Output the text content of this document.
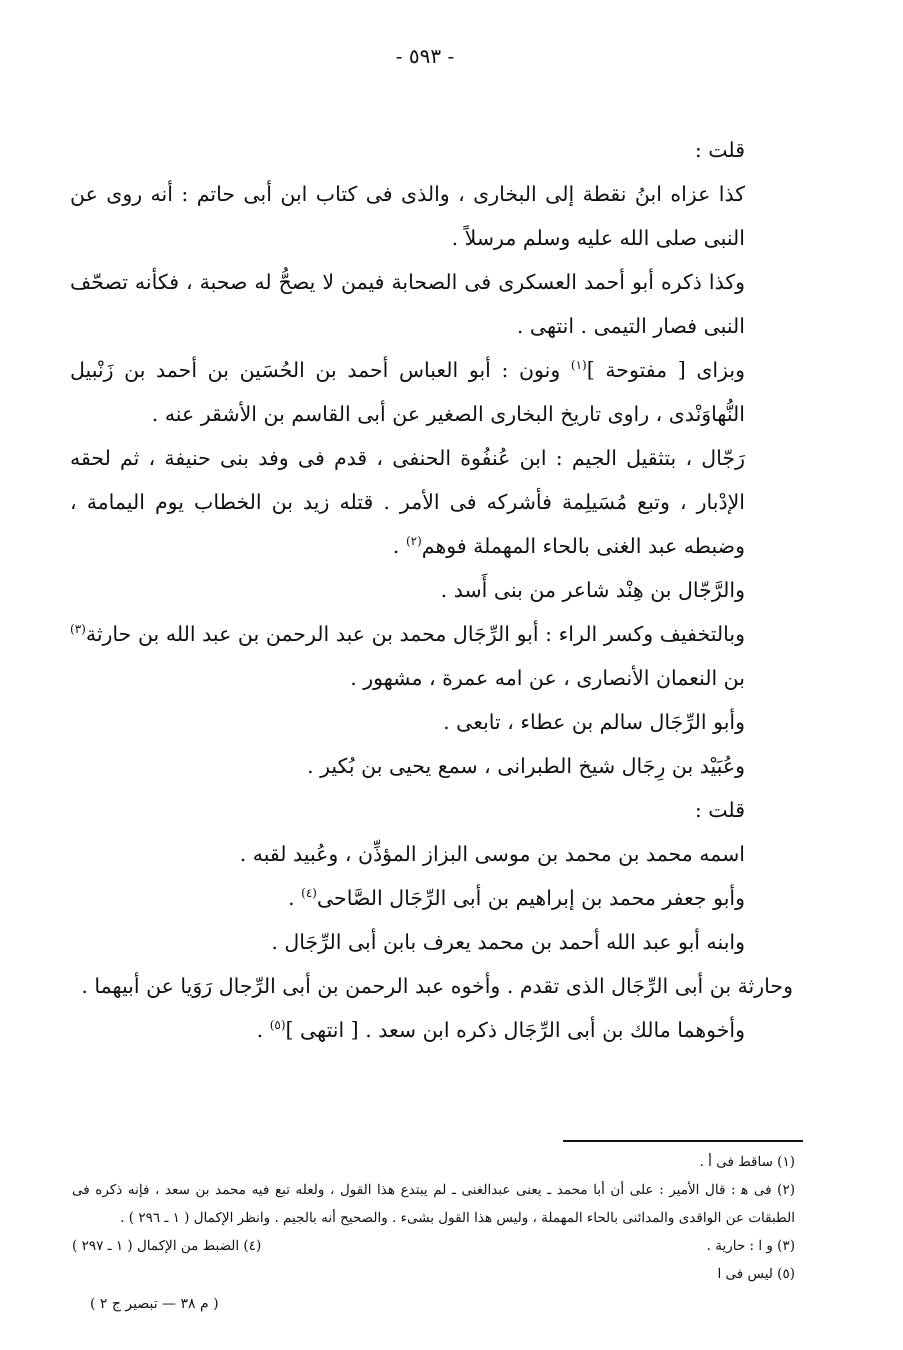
- ٥٩٣ -

قلت :

كذا عزاه ابنُ نقطة إلى البخارى ، والذى فى كتاب ابن أبى حاتم : أنه روى عن النبى صلى الله عليه وسلم مرسلاً .

وكذا ذكره أبو أحمد العسكرى فى الصحابة فيمن لا يصحُّ له صحبة ، فكأنه تصحّف النبى فصار التيمى . انتهى .

وبزاى [ مفتوحة ]$^{(١)}$ ونون : أبو العباس أحمد بن الحُسَين بن أحمد بن زَنْبيل النُّهاوَنْدى ، راوى تاريخ البخارى الصغير عن أبى القاسم بن الأشقر عنه .

رَجّال ، بتثقيل الجيم : ابن عُنفُوة الحنفى ، قدم فى وفد بنى حنيفة ، ثم لحقه الإدْبار ، وتبع مُسَيلِمة فأشركه فى الأمر . قتله زيد بن الخطاب يوم اليمامة ، وضبطه عبد الغنى بالحاء المهملة فوهم$^{(٢)}$ .

والرَّجّال بن هِنْد شاعر من بنى أَسد .

وبالتخفيف وكسر الراء : أبو الرِّجَال محمد بن عبد الرحمن بن عبد الله بن حارثة$^{(٣)}$ بن النعمان الأنصارى ، عن امه عمرة ، مشهور .

وأبو الرِّجَال سالم بن عطاء ، تابعى .

وعُبَيْد بن رِجَال شيخ الطبرانى ، سمع يحيى بن بُكير .

قلت :

اسمه محمد بن محمد بن موسى البزاز المؤذِّن ، وعُبيد لقبه .

وأبو جعفر محمد بن إبراهيم بن أبى الرِّجَال الصَّاحى$^{(٤)}$ .

وابنه أبو عبد الله أحمد بن محمد يعرف بابن أبى الرِّجَال .

وحارثة بن أبى الرِّجَال الذى تقدم . وأخوه عبد الرحمن بن أبى الرِّجال رَوَيا عن أبيهما .

وأخوهما مالك بن أبى الرِّجَال ذكره ابن سعد . [ انتهى ]$^{(٥)}$ .

(١) ساقط فى أ .

(٢) فى ﻫ : قال الأمير : على أن أبا محمد ـ يعنى عبدالغنى ـ لم يبتدع هذا القول ، ولعله تبع فيه محمد بن سعد ، فإنه ذكره فى الطبقات عن الواقدى والمدائنى بالحاء المهملة ، وليس هذا القول بشىء . والصحيح أنه بالجيم . وانظر الإكمال ( ١ ـ ٢٩٦ ) .

(٣) و ا : حارية .
(٤) الضبط من الإكمال ( ١ ـ ٢٩٧ )

(٥) ليس فى ا

( م ٣٨ — تبصير ج ٢ )
